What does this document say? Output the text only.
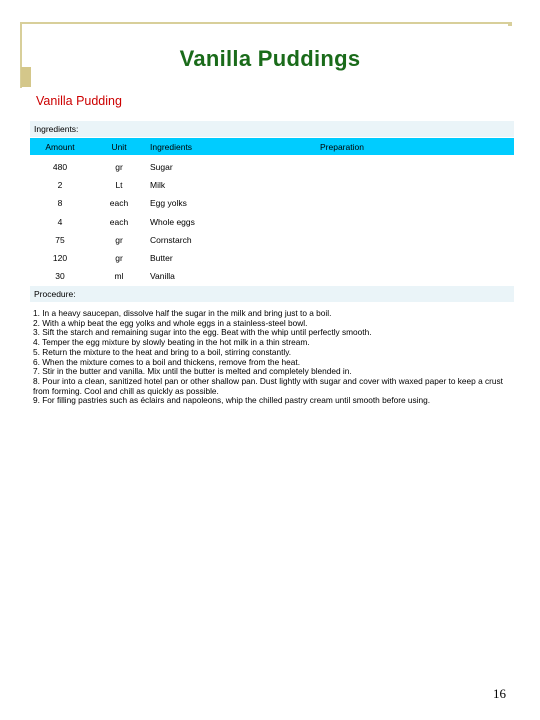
Vanilla Puddings
Vanilla Pudding
Ingredients:
Amount	Unit	Ingredients	Preparation
480	gr	Sugar
2	Lt	Milk
8	each	Egg yolks
4	each	Whole eggs
75	gr	Cornstarch
120	gr	Butter
30	ml	Vanilla
Procedure:

1. In a heavy saucepan, dissolve half the sugar in the milk and bring just to a boil.

2. With a whip beat the egg yolks and whole eggs in a stainless-steel bowl.

3. Sift the starch and remaining sugar into the egg. Beat with the whip until perfectly smooth.

4. Temper the egg mixture by slowly beating in the hot milk in a thin stream.

5. Return the mixture to the heat and bring to a boil, stirring constantly.

6. When the mixture comes to a boil and thickens, remove from the heat.

7. Stir in the butter and vanilla. Mix until the butter is melted and completely blended in.

8. Pour into a clean, sanitized hotel pan or other shallow pan. Dust lightly with sugar and cover with waxed paper to keep a crust from forming. Cool and chill as quickly as possible.

9. For filling pastries such as éclairs and napoleons, whip the chilled pastry cream until smooth before using.

16
